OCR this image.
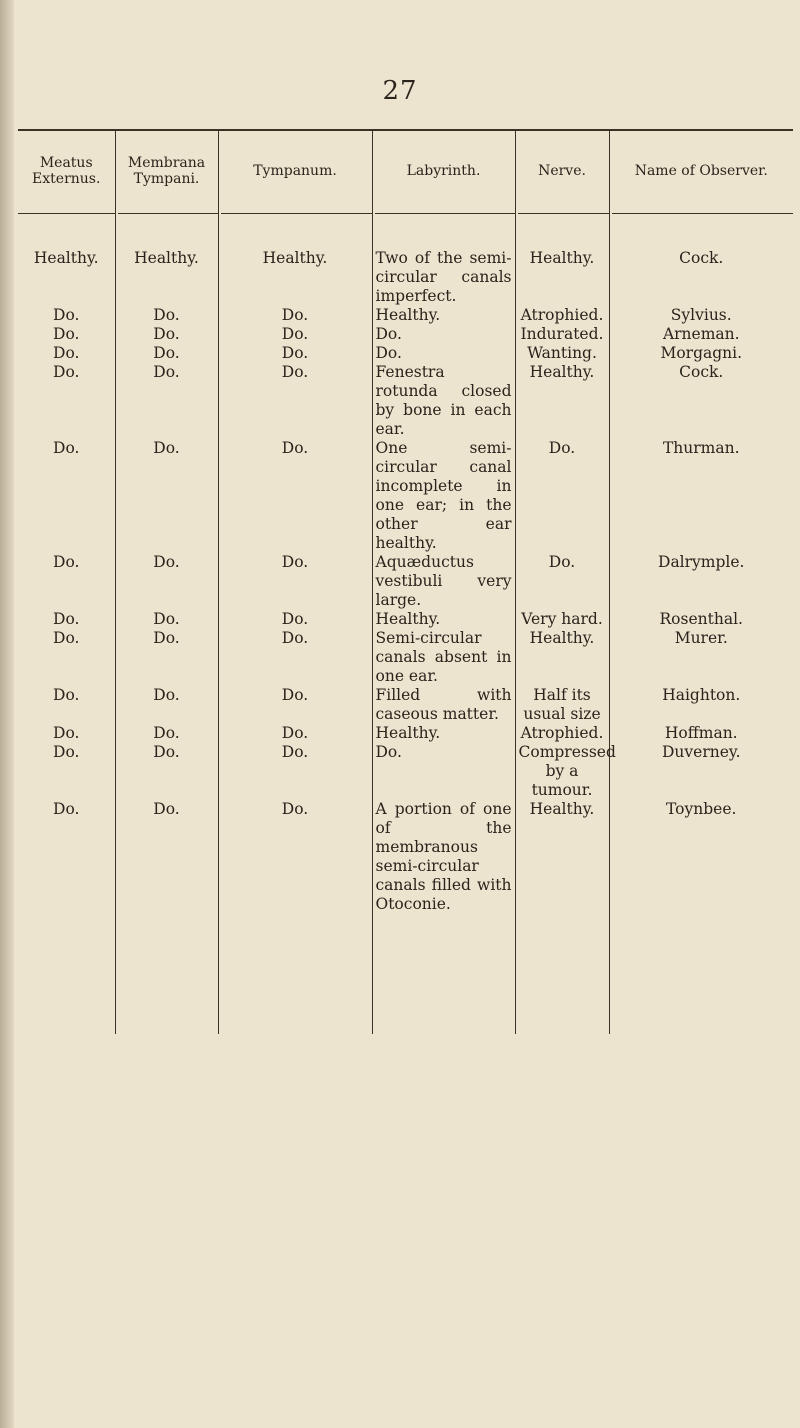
27
Meatus Externus.	Membrana Tympani.	Tympanum.	Labyrinth.	Nerve.	Name of Observer.
Healthy.	Healthy.	Healthy.	Two of the semi-circular canals imperfect.	Healthy.	Cock.
Do.	Do.	Do.	Healthy.	Atrophied.	Sylvius.
Do.	Do.	Do.	Do.	Indurated.	Arneman.
Do.	Do.	Do.	Do.	Wanting.	Morgagni.
Do.	Do.	Do.	Fenestra rotunda closed by bone in each ear.	Healthy.	Cock.
Do.	Do.	Do.	One semi-circular canal incomplete in one ear; in the other ear healthy.	Do.	Thurman.
Do.	Do.	Do.	Aquæductus vestibuli very large.	Do.	Dalrymple.
Do.	Do.	Do.	Healthy.	Very hard.	Rosenthal.
Do.	Do.	Do.	Semi-circular canals absent in one ear.	Healthy.	Murer.
Do.	Do.	Do.	Filled with caseous matter.	Half its usual size	Haighton.
Do.	Do.	Do.	Healthy.	Atrophied.	Hoffman.
Do.	Do.	Do.	Do.	Compressed by a tumour.	Duverney.
Do.	Do.	Do.	A portion of one of the membranous semi-circular canals filled with Otoconie.	Healthy.	Toynbee.
